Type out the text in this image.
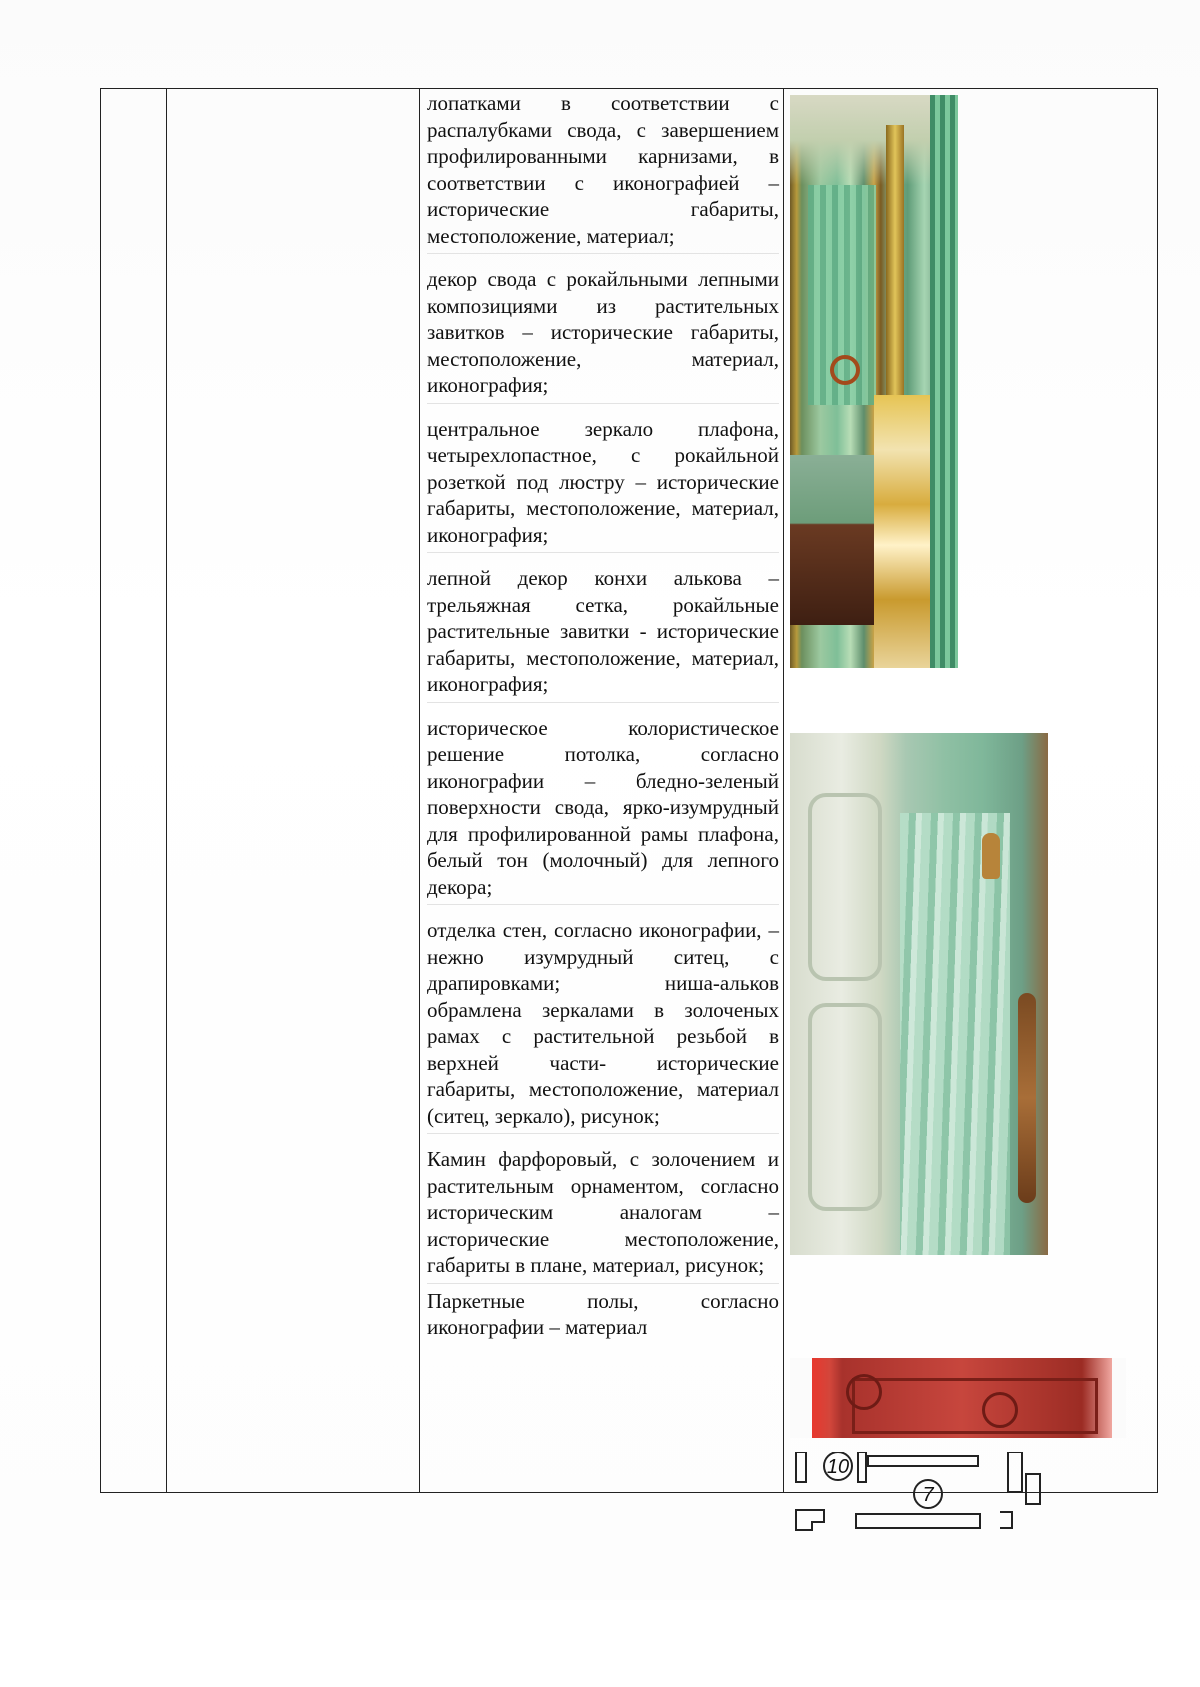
лопатками в соответствии с распалубками свода, с завершением профилированными карнизами, в соответствии с иконографией – исторические габариты, местоположение, материал;
декор свода с рокайльными лепными композициями из растительных завитков – исторические габариты, местоположение, материал, иконография;
центральное зеркало плафона, четырехлопастное, с рокайльной розеткой под люстру – исторические габариты, местоположение, материал, иконография;
лепной декор конхи алькова – трельяжная сетка, рокайльные растительные завитки - исторические габариты, местоположение, материал, иконография;
историческое колористическое решение потолка, согласно иконографии – бледно-зеленый поверхности свода, ярко-изумрудный для профилированной рамы плафона, белый тон (молочный) для лепного декора;
отделка стен, согласно иконографии, – нежно изумрудный ситец, с драпировками; ниша-альков обрамлена зеркалами в золоченых рамах с растительной резьбой в верхней части- исторические габариты, местоположение, материал (ситец, зеркало), рисунок;
Камин фарфоровый, с золочением и растительным орнаментом, согласно историческим аналогам – исторические местоположение, габариты в плане, материал, рисунок;
Паркетные полы, согласно иконографии – материал
10
7
